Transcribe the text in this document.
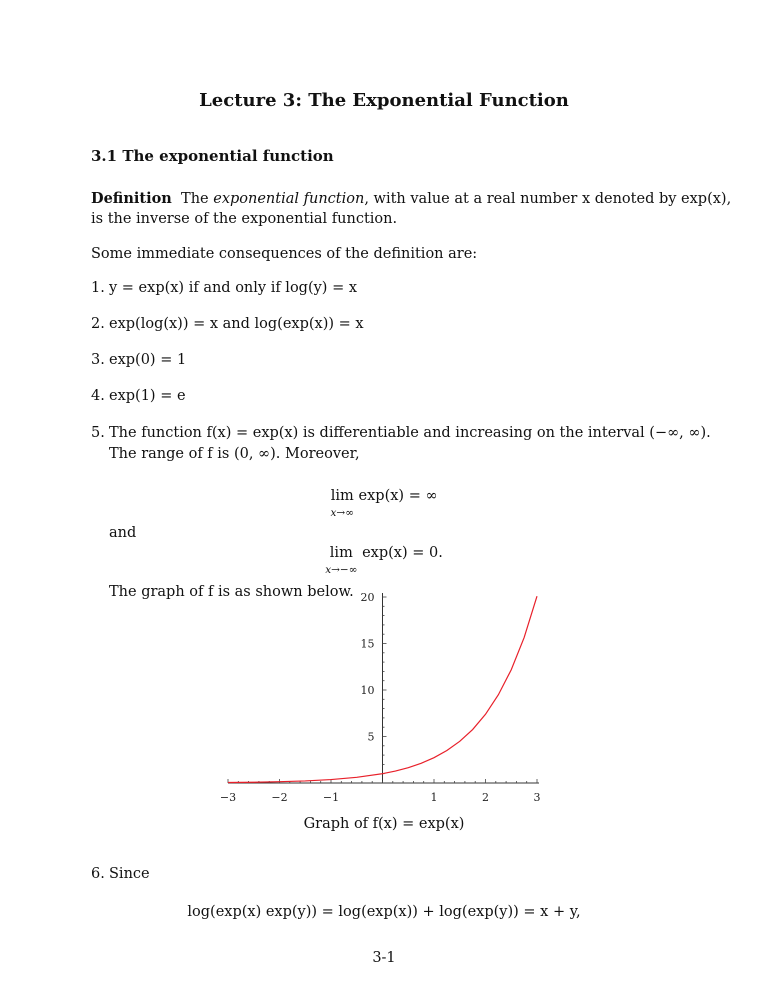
Lecture 3: The Exponential Function
3.1 The exponential function
Definition The exponential function, with value at a real number x denoted by exp(x),
is the inverse of the exponential function.
Some immediate consequences of the definition are:
1. y = exp(x) if and only if log(y) = x
2. exp(log(x)) = x and log(exp(x)) = x
3. exp(0) = 1
4. exp(1) = e
5. The function f(x) = exp(x) is differentiable and increasing on the interval (−∞, ∞).
The range of f is (0, ∞). Moreover,
lim
x→∞
exp(x) = ∞
and
lim
x→−∞
exp(x) = 0.
The graph of f is as shown below.
−3	−2	−1	1	2	3
5
10
15
20
Graph of f(x) = exp(x)
6. Since
log(exp(x) exp(y)) = log(exp(x)) + log(exp(y)) = x + y,
3-1
